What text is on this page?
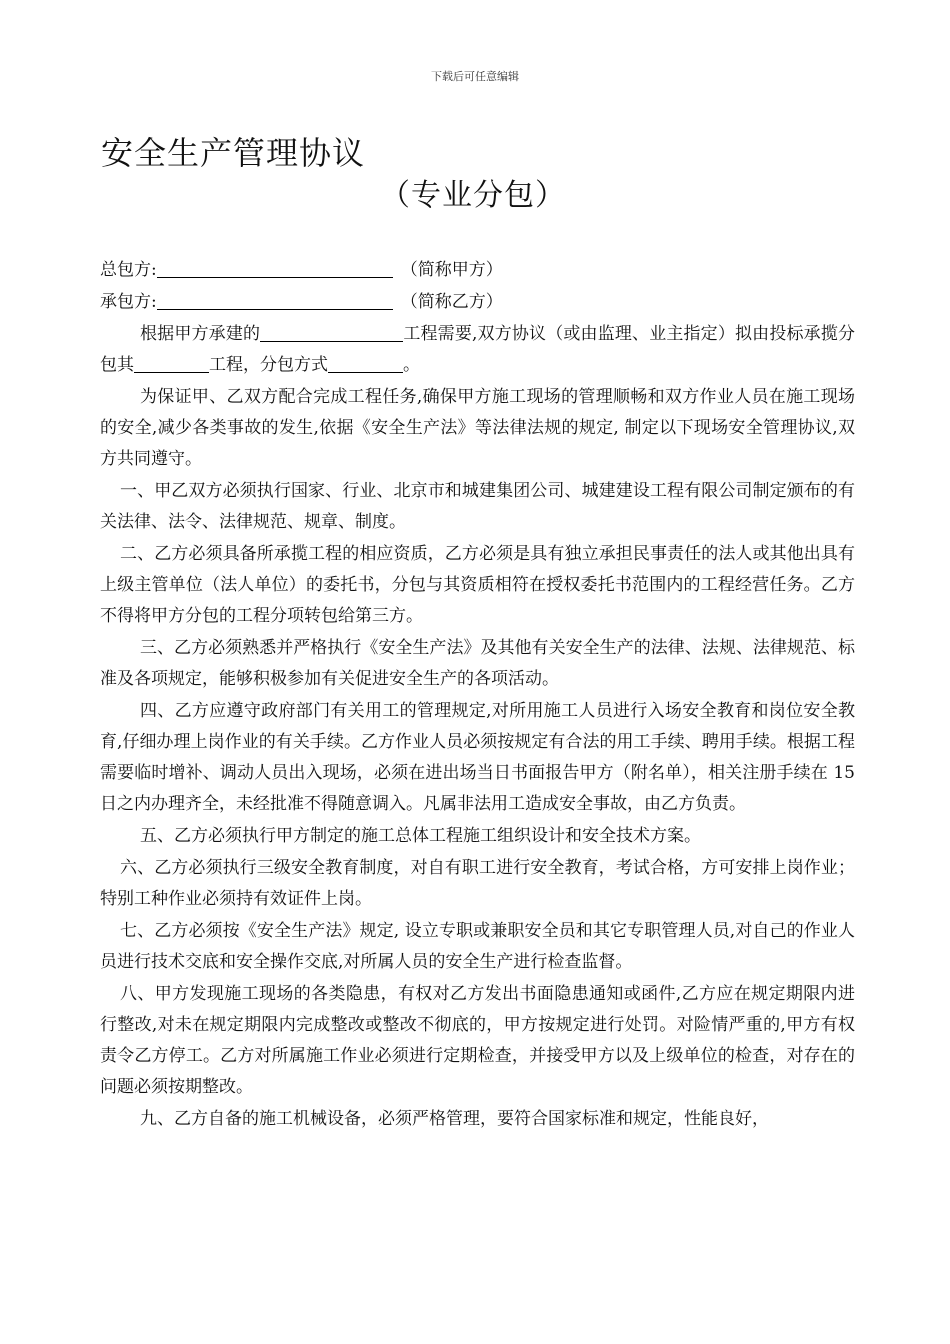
下载后可任意编辑
安全生产管理协议
（专业分包）
总包方:	（简称甲方）
承包方:	（简称乙方）

根据甲方承建的	工程需要,双方协议（或由监理、业主指定）拟由投标承揽分包其	工程，分包方式	。

为保证甲、乙双方配合完成工程任务,确保甲方施工现场的管理顺畅和双方作业人员在施工现场的安全,减少各类事故的发生,依据《安全生产法》等法律法规的规定, 制定以下现场安全管理协议,双方共同遵守。

一、甲乙双方必须执行国家、行业、北京市和城建集团公司、城建建设工程有限公司制定颁布的有关法律、法令、法律规范、规章、制度。

二、乙方必须具备所承揽工程的相应资质，乙方必须是具有独立承担民事责任的法人或其他出具有上级主管单位（法人单位）的委托书，分包与其资质相符在授权委托书范围内的工程经营任务。乙方不得将甲方分包的工程分项转包给第三方。

三、乙方必须熟悉并严格执行《安全生产法》及其他有关安全生产的法律、法规、法律规范、标准及各项规定，能够积极参加有关促进安全生产的各项活动。

四、乙方应遵守政府部门有关用工的管理规定,对所用施工人员进行入场安全教育和岗位安全教育,仔细办理上岗作业的有关手续。乙方作业人员必须按规定有合法的用工手续、聘用手续。根据工程需要临时增补、调动人员出入现场，必须在进出场当日书面报告甲方（附名单），相关注册手续在 15 日之内办理齐全，未经批准不得随意调入。凡属非法用工造成安全事故，由乙方负责。

五、乙方必须执行甲方制定的施工总体工程施工组织设计和安全技术方案。

六、乙方必须执行三级安全教育制度，对自有职工进行安全教育，考试合格，方可安排上岗作业；特别工种作业必须持有效证件上岗。

七、乙方必须按《安全生产法》规定, 设立专职或兼职安全员和其它专职管理人员,对自己的作业人员进行技术交底和安全操作交底,对所属人员的安全生产进行检查监督。

八、甲方发现施工现场的各类隐患，有权对乙方发出书面隐患通知或函件,乙方应在规定期限内进行整改,对未在规定期限内完成整改或整改不彻底的，甲方按规定进行处罚。对险情严重的,甲方有权责令乙方停工。乙方对所属施工作业必须进行定期检查，并接受甲方以及上级单位的检查，对存在的问题必须按期整改。

九、乙方自备的施工机械设备，必须严格管理，要符合国家标准和规定，性能良好，
